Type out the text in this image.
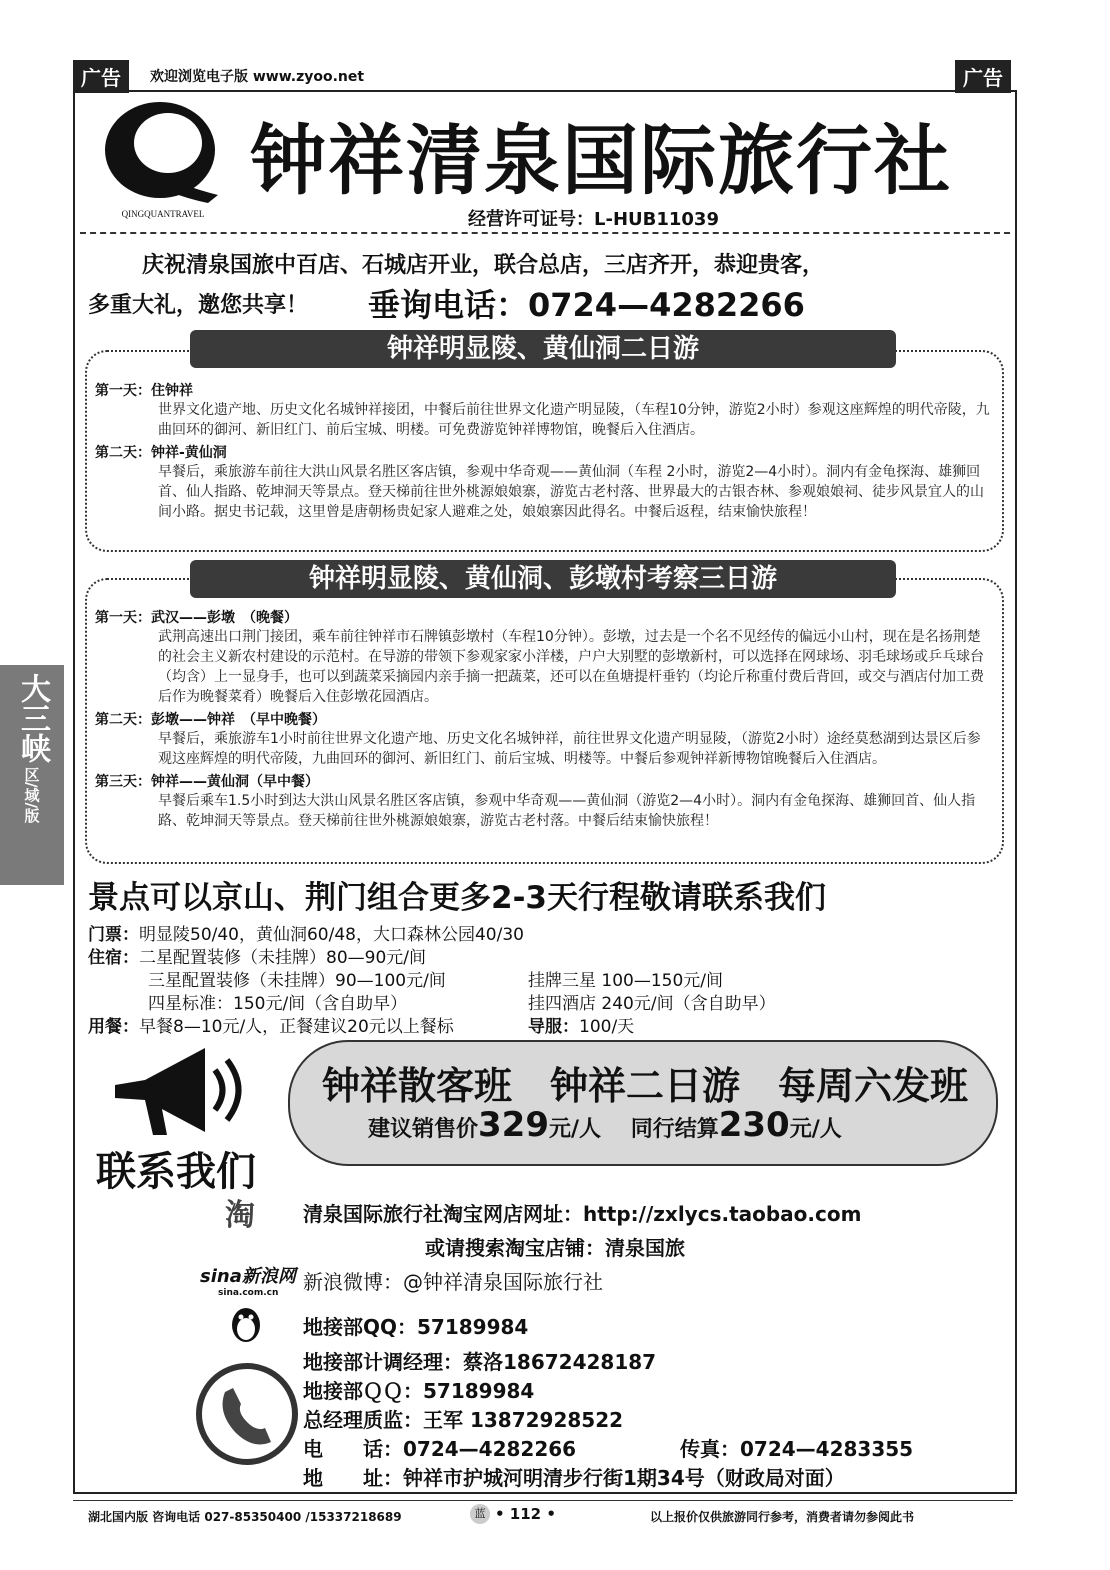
广告	欢迎浏览电子版 www.zyoo.net	广告
QINGQUANTRAVEL
钟祥清泉国际旅行社
经营许可证号：L-HUB11039
庆祝清泉国旅中百店、石城店开业，联合总店，三店齐开，恭迎贵客，
多重大礼，邀您共享！ 垂询电话：0724—4282266
钟祥明显陵、黄仙洞二日游
第一天：住钟祥
世界文化遗产地、历史文化名城钟祥接团，中餐后前往世界文化遗产明显陵，（车程10分钟，游览2小时）参观这座辉煌的明代帝陵，九曲回环的御河、新旧红门、前后宝城、明楼。可免费游览钟祥博物馆，晚餐后入住酒店。
第二天：钟祥-黄仙洞
早餐后，乘旅游车前往大洪山风景名胜区客店镇，参观中华奇观——黄仙洞（车程 2小时，游览2—4小时）。洞内有金龟探海、雄狮回首、仙人指路、乾坤洞天等景点。登天梯前往世外桃源娘娘寨，游览古老村落、世界最大的古银杏林、参观娘娘祠、徒步风景宜人的山间小路。据史书记载，这里曾是唐朝杨贵妃家人避难之处，娘娘寨因此得名。中餐后返程，结束愉快旅程！
钟祥明显陵、黄仙洞、彭墩村考察三日游
第一天：武汉——彭墩　（晚餐）
武荆高速出口荆门接团，乘车前往钟祥市石牌镇彭墩村（车程10分钟）。彭墩，过去是一个名不见经传的偏远小山村，现在是名扬荆楚的社会主义新农村建设的示范村。在导游的带领下参观家家小洋楼，户户大别墅的彭墩新村，可以选择在网球场、羽毛球场或乒乓球台（均含）上一显身手，也可以到蔬菜采摘园内亲手摘一把蔬菜，还可以在鱼塘提杆垂钓（均论斤称重付费后背回，或交与酒店付加工费后作为晚餐菜肴）晚餐后入住彭墩花园酒店。
第二天：彭墩——钟祥　（早中晚餐）
早餐后，乘旅游车1小时前往世界文化遗产地、历史文化名城钟祥，前往世界文化遗产明显陵，（游览2小时）途经莫愁湖到达景区后参观这座辉煌的明代帝陵，九曲回环的御河、新旧红门、前后宝城、明楼等。中餐后参观钟祥新博物馆晚餐后入住酒店。
第三天：钟祥——黄仙洞（早中餐）
早餐后乘车1.5小时到达大洪山风景名胜区客店镇，参观中华奇观——黄仙洞（游览2—4小时）。洞内有金龟探海、雄狮回首、仙人指路、乾坤洞天等景点。登天梯前往世外桃源娘娘寨，游览古老村落。中餐后结束愉快旅程！
景点可以京山、荆门组合更多2-3天行程敬请联系我们
门票：明显陵50/40，黄仙洞60/48，大口森林公园40/30
住宿：二星配置装修（未挂牌）80—90元/间
三星配置装修（未挂牌）90—100元/间	挂牌三星 100—150元/间
四星标准：150元/间（含自助早）	挂四酒店 240元/间（含自助早）
用餐：早餐8—10元/人，正餐建议20元以上餐标	导服：100/天
联系我们
钟祥散客班　钟祥二日游　每周六发班
建议销售价329元/人 同行结算230元/人
淘 清泉国际旅行社淘宝网店网址：http://zxlycs.taobao.com
或请搜索淘宝店铺：清泉国旅
sina新浪网
sina.com.cn	新浪微博：@钟祥清泉国际旅行社
地接部QQ：57189984
地接部计调经理：蔡洛18672428187
地接部ＱＱ：57189984
总经理质监：王军 13872928522
电　　话：0724—4282266	传真：0724—4283355
地　　址：钟祥市护城河明清步行街1期34号（财政局对面）
大三峡
区/域/版
湖北国内版 咨询电话 027-85350400 /15337218689	蓝 • 112 •	以上报价仅供旅游同行参考，消费者请勿参阅此书
